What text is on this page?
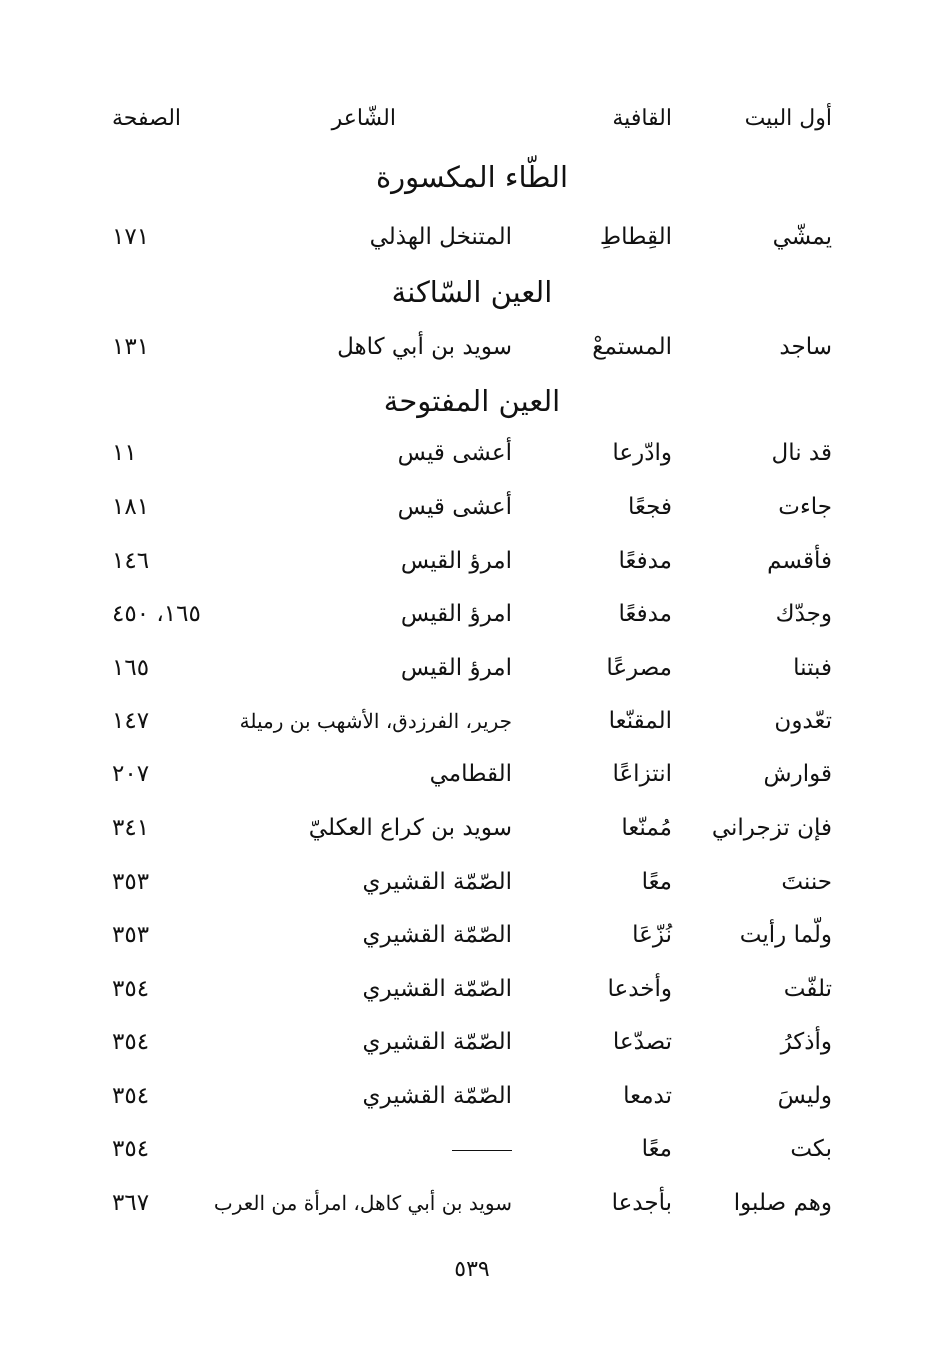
أول البيت
القافية
الشّاعر
الصفحة
الطّاء المكسورة
يمشّي
القِطاطِ
المتنخل الهذلي
١٧١
العين السّاكنة
ساجد
المستمعْ
سويد بن أبي كاهل
١٣١
العين المفتوحة
قد نال
وادّرعا
أعشى قيس
١١
جاءت
فجعًا
أعشى قيس
١٨١
فأقسم
مدفعًا
امرؤ القيس
١٤٦
وجدّك
مدفعًا
امرؤ القيس
١٦٥، ٤٥٠
فبتنا
مصرعًا
امرؤ القيس
١٦٥
تعّدون
المقنّعا
جرير، الفرزدق، الأشهب بن رميلة
١٤٧
قوارش
انتزاعًا
القطامي
٢٠٧
فإن تزجراني
مُمنّعا
سويد بن كراع العكليّ
٣٤١
حننتَ
معًا
الصّمّة القشيري
٣٥٣
ولّما رأيت
نُزّعَا
الصّمّة القشيري
٣٥٣
تلفّت
وأخدعا
الصّمّة القشيري
٣٥٤
وأذكرُ
تصدّعا
الصّمّة القشيري
٣٥٤
وليسَ
تدمعا
الصّمّة القشيري
٣٥٤
بكت
معًا
٣٥٤
وهم صلبوا
بأجدعا
سويد بن أبي كاهل، امرأة من العرب
٣٦٧
٥٣٩
